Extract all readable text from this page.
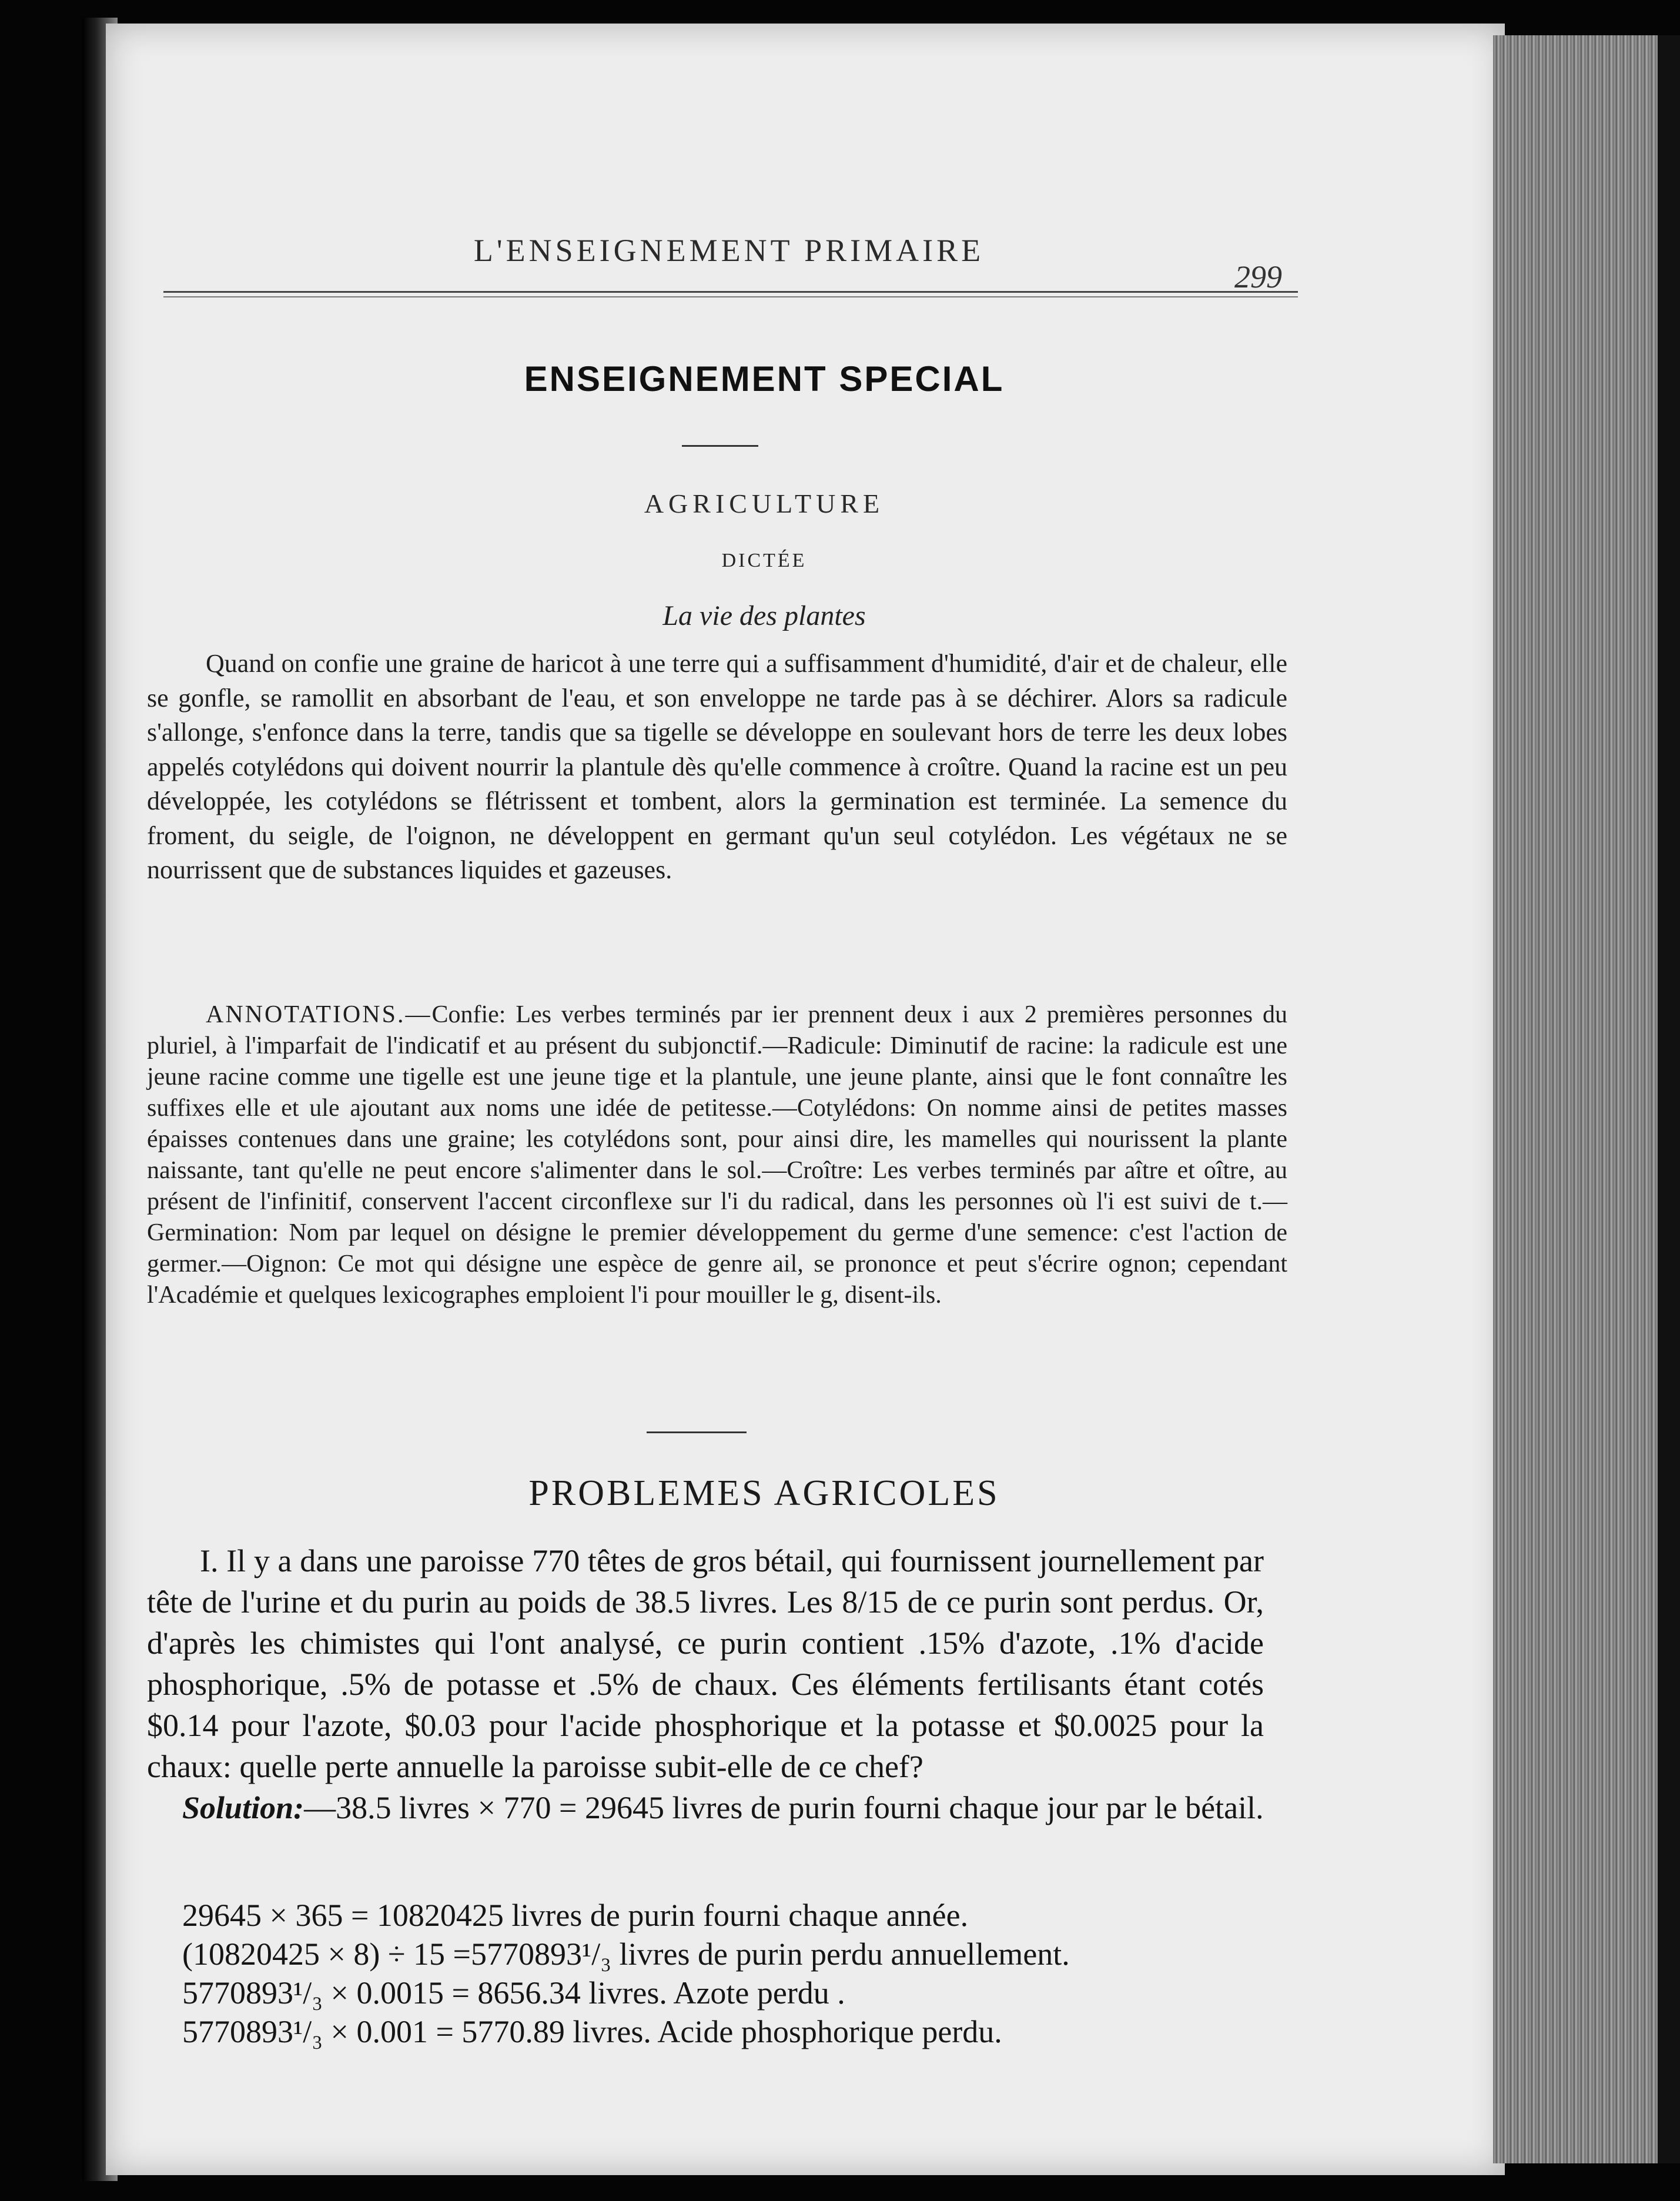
L'ENSEIGNEMENT PRIMAIRE
299
ENSEIGNEMENT SPECIAL
AGRICULTURE
DICTÉE
La vie des plantes

Quand on confie une graine de haricot à une terre qui a suffisamment d'humidité, d'air et de chaleur, elle se gonfle, se ramollit en absorbant de l'eau, et son enveloppe ne tarde pas à se déchirer. Alors sa radicule s'allonge, s'enfonce dans la terre, tandis que sa tigelle se développe en soulevant hors de terre les deux lobes appelés cotylédons qui doivent nourrir la plantule dès qu'elle commence à croître. Quand la racine est un peu développée, les cotylédons se flétrissent et tombent, alors la germination est terminée. La semence du froment, du seigle, de l'oignon, ne développent en germant qu'un seul cotylédon. Les végétaux ne se nourrissent que de substances liquides et gazeuses.

ANNOTATIONS.—Confie: Les verbes terminés par ier prennent deux i aux 2 premières personnes du pluriel, à l'imparfait de l'indicatif et au présent du subjonctif.—Radicule: Diminutif de racine: la radicule est une jeune racine comme une tigelle est une jeune tige et la plantule, une jeune plante, ainsi que le font connaître les suffixes elle et ule ajoutant aux noms une idée de petitesse.—Cotylédons: On nomme ainsi de petites masses épaisses contenues dans une graine; les cotylédons sont, pour ainsi dire, les mamelles qui nourissent la plante naissante, tant qu'elle ne peut encore s'alimenter dans le sol.—Croître: Les verbes terminés par aître et oître, au présent de l'infinitif, conservent l'accent circonflexe sur l'i du radical, dans les personnes où l'i est suivi de t.—Germination: Nom par lequel on désigne le premier développement du germe d'une semence: c'est l'action de germer.—Oignon: Ce mot qui désigne une espèce de genre ail, se prononce et peut s'écrire ognon; cependant l'Académie et quelques lexicographes emploient l'i pour mouiller le g, disent-ils.

PROBLEMES AGRICOLES

I. Il y a dans une paroisse 770 têtes de gros bétail, qui fournissent journellement par tête de l'urine et du purin au poids de 38.5 livres. Les 8/15 de ce purin sont perdus. Or, d'après les chimistes qui l'ont analysé, ce purin contient .15% d'azote, .1% d'acide phosphorique, .5% de potasse et .5% de chaux. Ces éléments fertilisants étant cotés $0.14 pour l'azote, $0.03 pour l'acide phosphorique et la potasse et $0.0025 pour la chaux: quelle perte annuelle la paroisse subit-elle de ce chef?

Solution:—38.5 livres × 770 = 29645 livres de purin fourni chaque jour par le bétail.

29645 × 365 = 10820425 livres de purin fourni chaque année.
(10820425 × 8) ÷ 15 =5770893¹/₃ livres de purin perdu annuellement.
5770893¹/₃ × 0.0015 = 8656.34 livres. Azote perdu .
5770893¹/₃ × 0.001 = 5770.89 livres. Acide phosphorique perdu.
